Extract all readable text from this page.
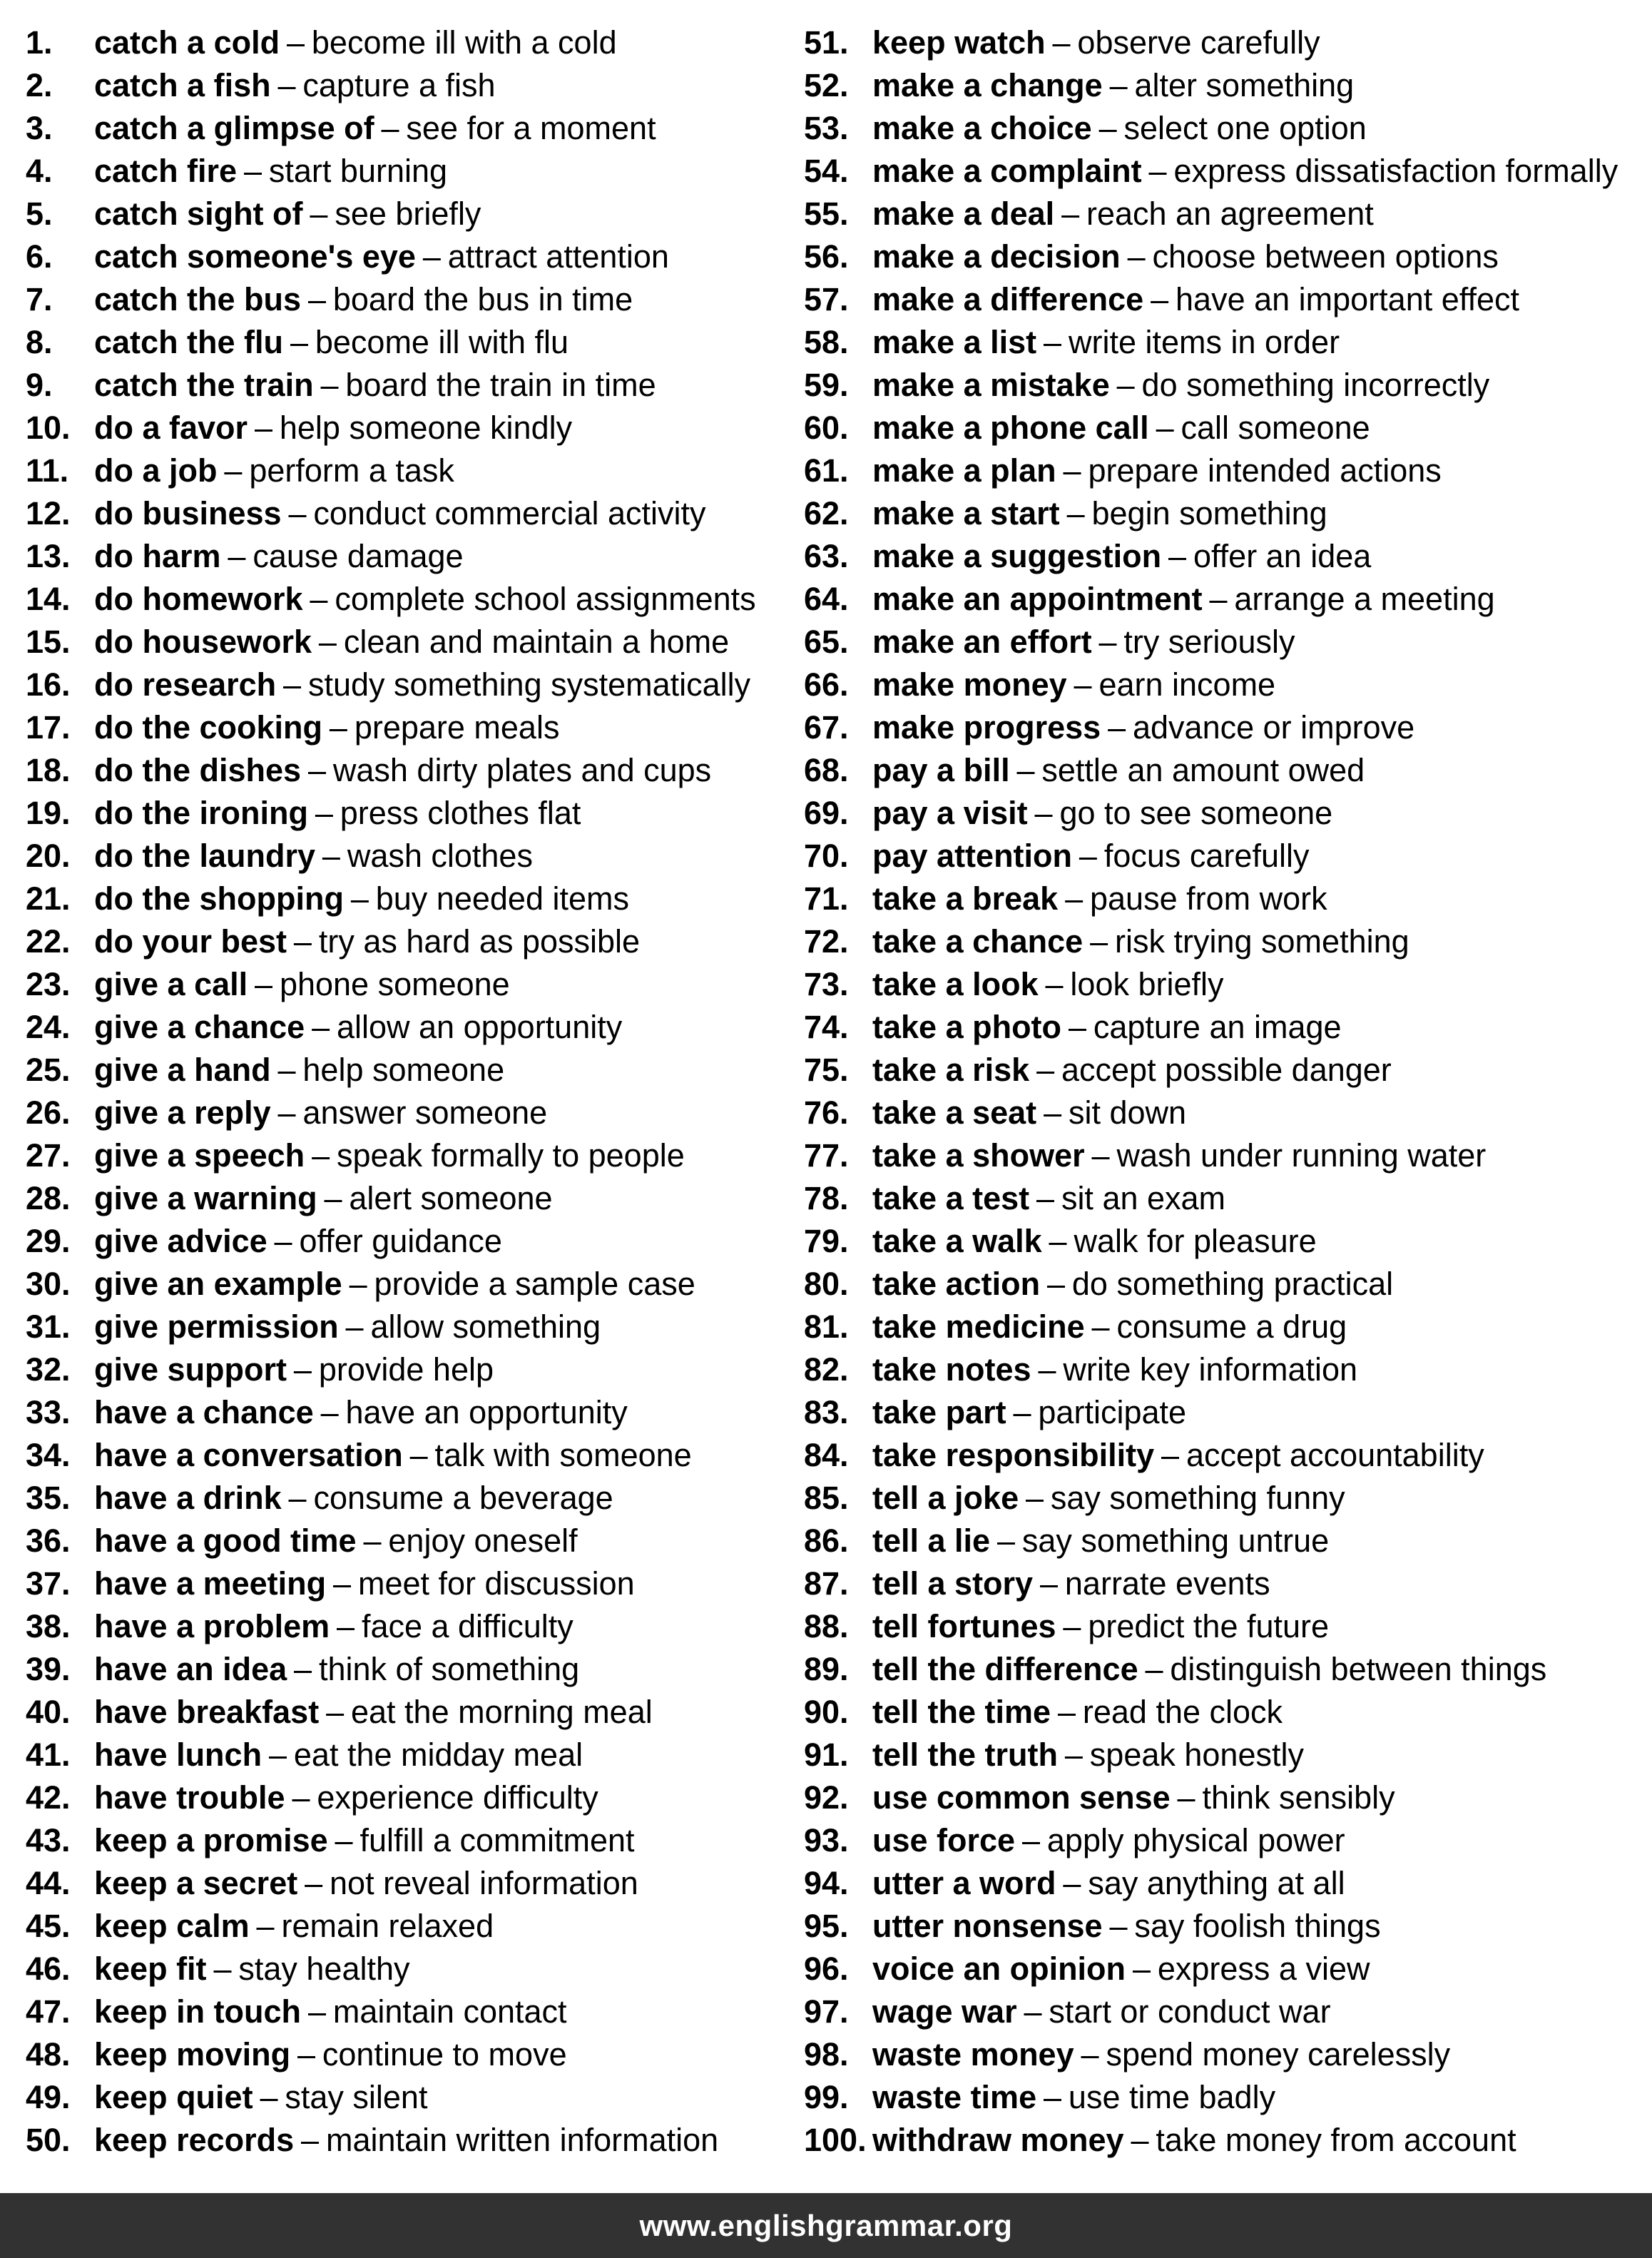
1.	catch a cold – become ill with a cold
2.	catch a fish – capture a fish
3.	catch a glimpse of – see for a moment
4.	catch fire – start burning
5.	catch sight of – see briefly
6.	catch someone's eye – attract attention
7.	catch the bus – board the bus in time
8.	catch the flu – become ill with flu
9.	catch the train – board the train in time
10. do a favor – help someone kindly
11. do a job – perform a task
12. do business – conduct commercial activity
13. do harm – cause damage
14. do homework – complete school assignments
15. do housework – clean and maintain a home
16. do research – study something systematically
17. do the cooking – prepare meals
18. do the dishes – wash dirty plates and cups
19. do the ironing – press clothes flat
20. do the laundry – wash clothes
21. do the shopping – buy needed items
22. do your best – try as hard as possible
23. give a call – phone someone
24. give a chance – allow an opportunity
25. give a hand – help someone
26. give a reply – answer someone
27. give a speech – speak formally to people
28. give a warning – alert someone
29. give advice – offer guidance
30. give an example – provide a sample case
31. give permission – allow something
32. give support – provide help
33. have a chance – have an opportunity
34. have a conversation – talk with someone
35. have a drink – consume a beverage
36. have a good time – enjoy oneself
37. have a meeting – meet for discussion
38. have a problem – face a difficulty
39. have an idea – think of something
40. have breakfast – eat the morning meal
41. have lunch – eat the midday meal
42. have trouble – experience difficulty
43. keep a promise – fulfill a commitment
44. keep a secret – not reveal information
45. keep calm – remain relaxed
46. keep fit – stay healthy
47. keep in touch – maintain contact
48. keep moving – continue to move
49. keep quiet – stay silent
50. keep records – maintain written information
51. keep watch – observe carefully
52. make a change – alter something
53. make a choice – select one option
54. make a complaint – express dissatisfaction formally
55. make a deal – reach an agreement
56. make a decision – choose between options
57. make a difference – have an important effect
58. make a list – write items in order
59. make a mistake – do something incorrectly
60. make a phone call – call someone
61. make a plan – prepare intended actions
62. make a start – begin something
63. make a suggestion – offer an idea
64. make an appointment – arrange a meeting
65. make an effort – try seriously
66. make money – earn income
67. make progress – advance or improve
68. pay a bill – settle an amount owed
69. pay a visit – go to see someone
70. pay attention – focus carefully
71. take a break – pause from work
72. take a chance – risk trying something
73. take a look – look briefly
74. take a photo – capture an image
75. take a risk – accept possible danger
76. take a seat – sit down
77. take a shower – wash under running water
78. take a test – sit an exam
79. take a walk – walk for pleasure
80. take action – do something practical
81. take medicine – consume a drug
82. take notes – write key information
83. take part – participate
84. take responsibility – accept accountability
85. tell a joke – say something funny
86. tell a lie – say something untrue
87. tell a story – narrate events
88. tell fortunes – predict the future
89. tell the difference – distinguish between things
90. tell the time – read the clock
91. tell the truth – speak honestly
92. use common sense – think sensibly
93. use force – apply physical power
94. utter a word – say anything at all
95. utter nonsense – say foolish things
96. voice an opinion – express a view
97. wage war – start or conduct war
98. waste money – spend money carelessly
99. waste time – use time badly
100. withdraw money – take money from account
www.englishgrammar.org
